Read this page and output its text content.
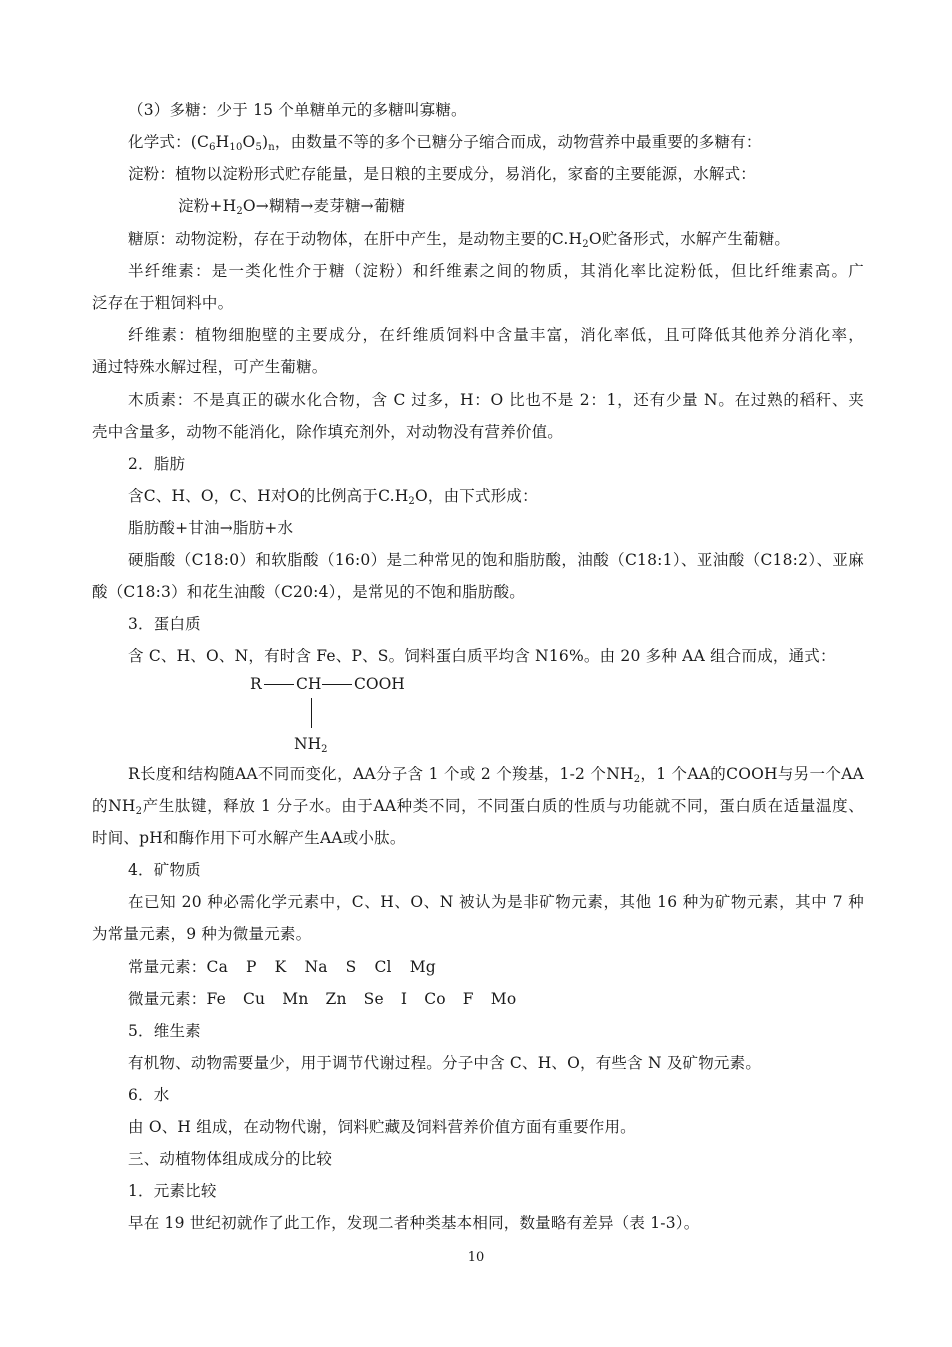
（3）多糖：少于 15 个单糖单元的多糖叫寡糖。
化学式：$(C_6H_{10}O_5)_n$，由数量不等的多个已糖分子缩合而成，动物营养中最重要的多糖有：
淀粉：植物以淀粉形式贮存能量，是日粮的主要成分，易消化，家畜的主要能源，水解式：
淀粉$+H_2O\to$糊精→麦芽糖→葡糖
糖原：动物淀粉，存在于动物体，在肝中产生，是动物主要的$C.H_2O$贮备形式，水解产生葡糖。
半纤维素：是一类化性介于糖（淀粉）和纤维素之间的物质，其消化率比淀粉低，但比纤维素高。广
泛存在于粗饲料中。
纤维素：植物细胞壁的主要成分，在纤维质饲料中含量丰富，消化率低，且可降低其他养分消化率，
通过特殊水解过程，可产生葡糖。
木质素：不是真正的碳水化合物，含 C 过多，H：O 比也不是 2：1，还有少量 N。在过熟的稻秆、夹
壳中含量多，动物不能消化，除作填充剂外，对动物没有营养价值。
2．脂肪
含C、H、O，C、H对O的比例高于$C.H_2O$，由下式形成：
脂肪酸+甘油→脂肪+水
硬脂酸（C18:0）和软脂酸（16:0）是二种常见的饱和脂肪酸，油酸（C18:1）、亚油酸（C18:2）、亚麻
酸（C18:3）和花生油酸（C20:4），是常见的不饱和脂肪酸。
3．蛋白质
含 C、H、O、N，有时含 Fe、P、S。饲料蛋白质平均含 N16%。由 20 多种 AA 组合而成，通式：
R CH COOH
$NH_2$
R长度和结构随AA不同而变化，AA分子含 1 个或 2 个羧基，1-2 个$NH_2$，1 个AA的COOH与另一个AA
的$NH_2$产生肽键，释放 1 分子水。由于AA种类不同，不同蛋白质的性质与功能就不同，蛋白质在适量温度、
时间、pH和酶作用下可水解产生AA或小肽。
4．矿物质
在已知 20 种必需化学元素中，C、H、O、N 被认为是非矿物元素，其他 16 种为矿物元素，其中 7 种
为常量元素，9 种为微量元素。
常量元素：Ca P K Na S Cl Mg
微量元素：Fe Cu Mn Zn Se I Co F Mo
5．维生素
有机物、动物需要量少，用于调节代谢过程。分子中含 C、H、O，有些含 N 及矿物元素。
6．水
由 O、H 组成，在动物代谢，饲料贮藏及饲料营养价值方面有重要作用。
三、动植物体组成成分的比较
1．元素比较
早在 19 世纪初就作了此工作，发现二者种类基本相同，数量略有差异（表 1-3）。
10
